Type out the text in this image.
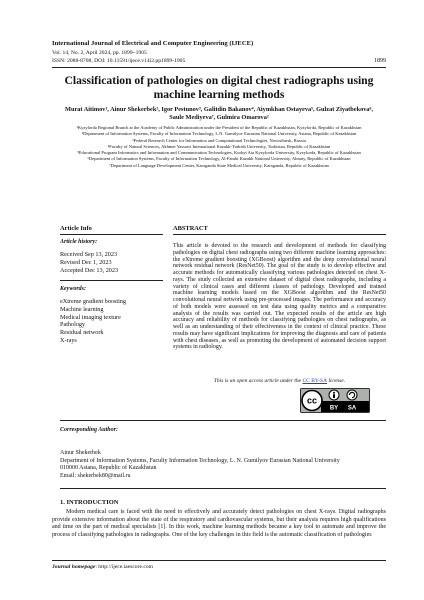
International Journal of Electrical and Computer Engineering (IJECE)
Vol. 14, No. 2, April 2024, pp. 1899~1905
ISSN: 2088-8708, DOI: 10.11591/ijece.v14i2.pp1899-1905	1899
Classification of pathologies on digital chest radiographs using machine learning methods
Murat Aitimov¹, Ainur Shekerbek², Igor Pestunov³, Galitdin Bakanov⁴, Aiymkhan Ostayeva⁵, Gulzat Ziyatbekova⁶, Saule Mediyeva⁷, Gulmira Omarova²
¹Kyzylorda Regional Branch at the Academy of Public Administration under the President of the Republic of Kazakhstan, Kyzylorda, Republic of Kazakhstan
²Department of Information Systems, Faculty of Information Technology, L.N. Gumilyov Eurasian National University, Astana, Republic of Kazakhstan
³Federal Research Center for Information and Computational Technologies, Novosibirsk, Russia
⁴Faculty of Natural Sciences, Akhmet Yassawi International Kazakh-Turkish University, Turkistan, Republic of Kazakhstan
⁵Educational Program Informatics and Information and Communication Technologies, Korkyt Ata Kyzylorda University, Kyzylorda, Republic of Kazakhstan
⁶Department of Information Systems, Faculty of Information Technology, Al-Farabi Kazakh National University, Almaty, Republic of Kazakhstan
⁷Department of Language Development Center, Karaganda State Medical University, Karaganda, Republic of Kazakhstan
Article Info	ABSTRACT
Article history:
Received Sep 13, 2023
Revised Dec 1, 2023
Accepted Dec 13, 2023
Keywords:
eXtreme gradient boosting
Machine learning
Medical imaging texture
Pathology
Residual network
X-rays
This article is devoted to the research and development of methods for classifying pathologies on digital chest radiographs using two different machine learning approaches: the eXtreme gradient boosting (XGBoost) algorithm and the deep convolutional neural network residual network (ResNet50). The goal of the study is to develop effective and accurate methods for automatically classifying various pathologies detected on chest X-rays. The study collected an extensive dataset of digital chest radiographs, including a variety of clinical cases and different classes of pathology. Developed and trained machine learning models based on the XGBoost algorithm and the ResNet50 convolutional neural network using pre-processed images. The performance and accuracy of both models were assessed on test data using quality metrics and a comparative analysis of the results was carried out. The expected results of the article are high accuracy and reliability of methods for classifying pathologies on chest radiographs, as well as an understanding of their effectiveness in the context of clinical practice. These results may have significant implications for improving the diagnosis and care of patients with chest diseases, as well as promoting the development of automated decision support systems in radiology.
This is an open access article under the CC BY-SA license.
cc
BY SA
Corresponding Author:
Ainur Shekerbek
Department of Information Systems, Faculty Information Technology, L. N. Gumilyov Eurasian National University
010000 Astana, Republic of Kazakhstan
Email: shekerbek80@mail.ru
1. INTRODUCTION
Modern medical care is faced with the need to effectively and accurately detect pathologies on chest X-rays. Digital radiographs provide extensive information about the state of the respiratory and cardiovascular systems, but their analysis requires high qualifications and time on the part of medical specialists [1]. In this work, machine learning methods became a key tool to automate and improve the process of classifying pathologies in radiographs. One of the key challenges in this field is the automatic classification of pathologies
Journal homepage: http://ijece.iaescore.com
